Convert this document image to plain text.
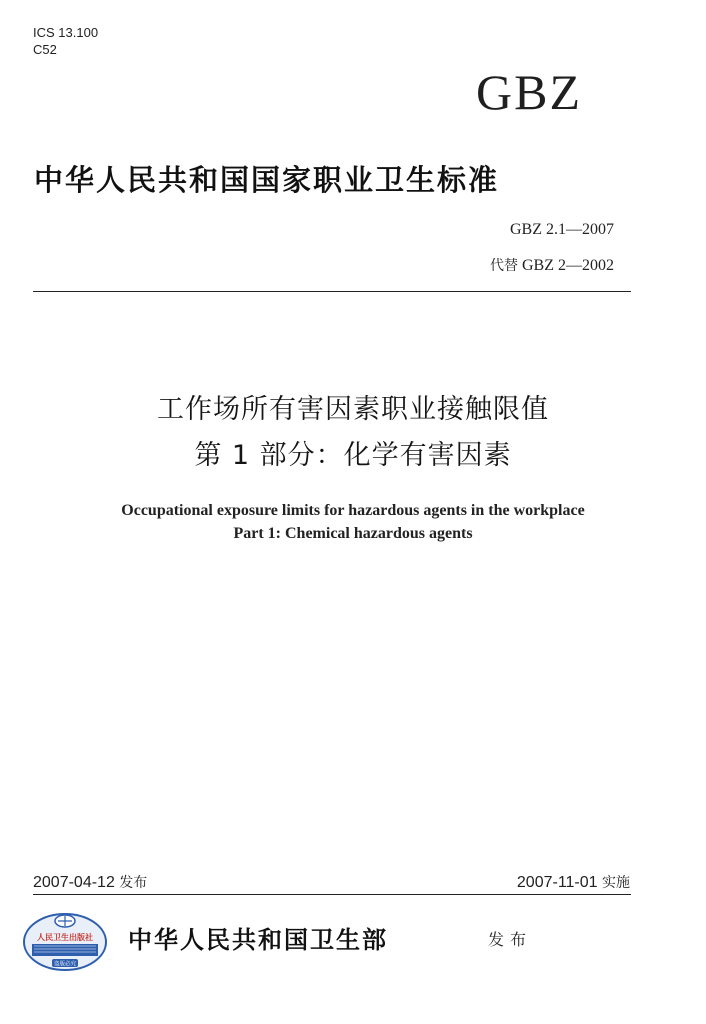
ICS 13.100
C52
GBZ
中华人民共和国国家职业卫生标准
GBZ 2.1—2007
代替 GBZ 2—2002
工作场所有害因素职业接触限值
第 1 部分：化学有害因素
Occupational exposure limits for hazardous agents in the workplace
Part 1: Chemical hazardous agents
2007-04-12 发布	2007-11-01 实施
人民卫生出版社
盗版必究
中华人民共和国卫生部	发布
